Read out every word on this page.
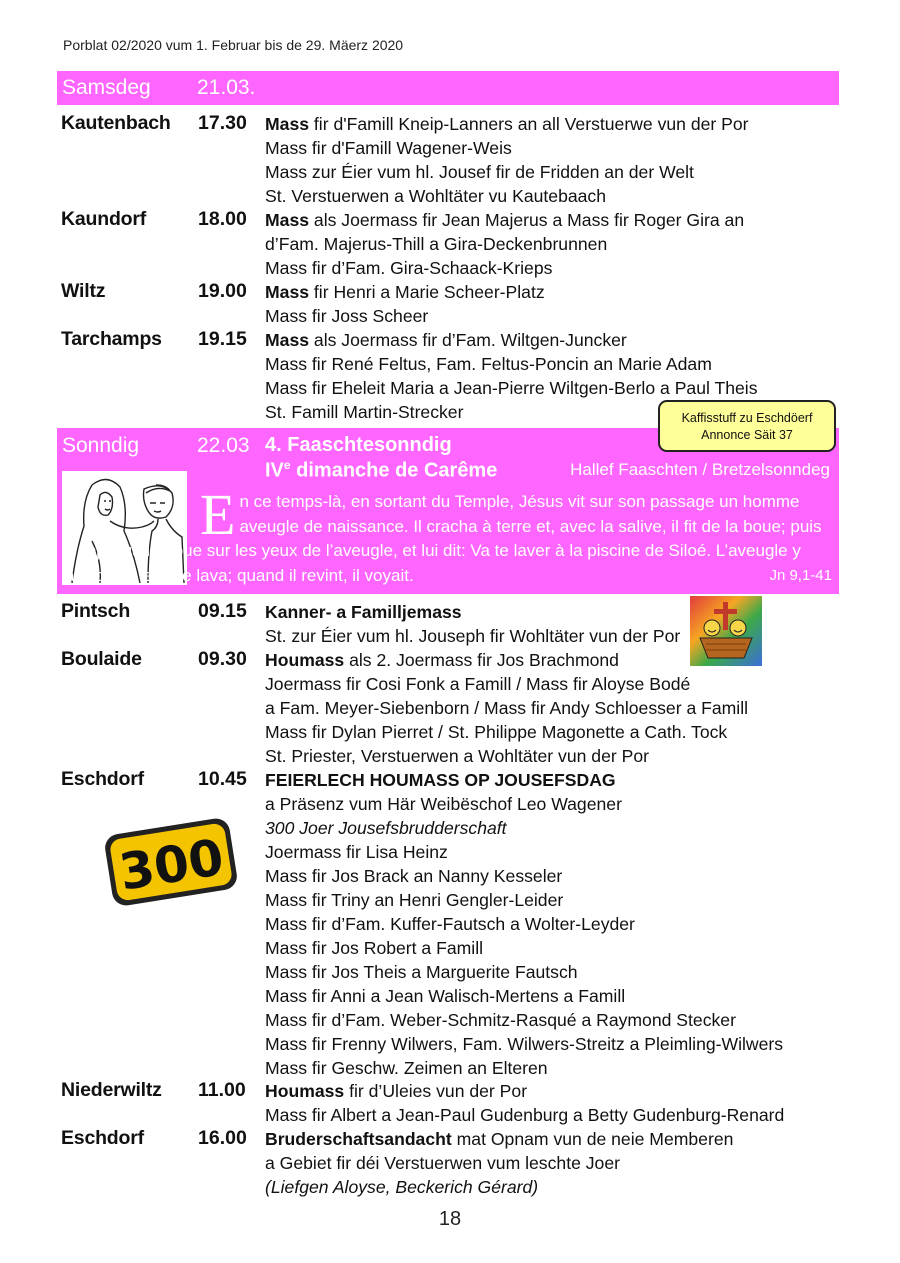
Porblat 02/2020 vum 1. Februar bis de 29. Mäerz 2020
Samsdeg 21.03.
Kautenbach 17.30 Mass fir d'Famill Kneip-Lanners an all Verstuerwe vun der Por
Mass fir d'Famill Wagener-Weis
Mass zur Éier vum hl. Jousef fir de Fridden an der Welt
St. Verstuerwen a Wohltäter vu Kautebaach
Kaundorf	18.00 Mass als Joermass fir Jean Majerus a Mass fir Roger Gira an
d’Fam. Majerus-Thill a Gira-Deckenbrunnen
Mass fir d’Fam. Gira-Schaack-Krieps
Wiltz	19.00 Mass fir Henri a Marie Scheer-Platz
Mass fir Joss Scheer
Tarchamps 19.15 Mass als Joermass fir d’Fam. Wiltgen-Juncker
Mass fir René Feltus, Fam. Feltus-Poncin an Marie Adam
Mass fir Eheleit Maria a Jean-Pierre Wiltgen-Berlo a Paul Theis
St. Famill Martin-Strecker
Sonndig	22.03 4. Faaschtesonndig
IVe dimanche de Carême	Hallef Faaschten / Bretzelsonndeg
En ce temps-là, en sortant du Temple, Jésus vit sur son passage un homme aveugle de naissance. Il cracha à terre et, avec la salive, il fit de la boue; puis il appliqua la boue sur les yeux de l’aveugle, et lui dit: Va te laver à la piscine de Siloé. L’aveugle y alla donc, et il se lava; quand il revint, il voyait.	Jn 9,1-41
Kaffisstuff zu Eschdöerf
Annonce Säit 37
Pintsch	09.15 Kanner- a Familljemass
St. zur Éier vum hl. Jouseph fir Wohltäter vun der Por
Boulaide	09.30 Houmass als 2. Joermass fir Jos Brachmond
Joermass fir Cosi Fonk a Famill / Mass fir Aloyse Bodé
a Fam. Meyer-Siebenborn / Mass fir Andy Schloesser a Famill
Mass fir Dylan Pierret / St. Philippe Magonette a Cath. Tock
St. Priester, Verstuerwen a Wohltäter vun der Por
Eschdorf	10.45 FEIERLECH HOUMASS OP JOUSEFSDAG
a Präsenz vum Här Weibëschof Leo Wagener
300 Joer Jousefsbrudderschaft
Joermass fir Lisa Heinz
Mass fir Jos Brack an Nanny Kesseler
Mass fir Triny an Henri Gengler-Leider
Mass fir d’Fam. Kuffer-Fautsch a Wolter-Leyder
Mass fir Jos Robert a Famill
Mass fir Jos Theis a Marguerite Fautsch
Mass fir Anni a Jean Walisch-Mertens a Famill
Mass fir d’Fam. Weber-Schmitz-Rasqué a Raymond Stecker
Mass fir Frenny Wilwers, Fam. Wilwers-Streitz a Pleimling-Wilwers
Mass fir Geschw. Zeimen an Elteren
300
Niederwiltz 11.00 Houmass fir d’Uleies vun der Por
Mass fir Albert a Jean-Paul Gudenburg a Betty Gudenburg-Renard
Eschdorf	16.00 Bruderschaftsandacht mat Opnam vun de neie Memberen
a Gebiet fir déi Verstuerwen vum leschte Joer
(Liefgen Aloyse, Beckerich Gérard)
18
